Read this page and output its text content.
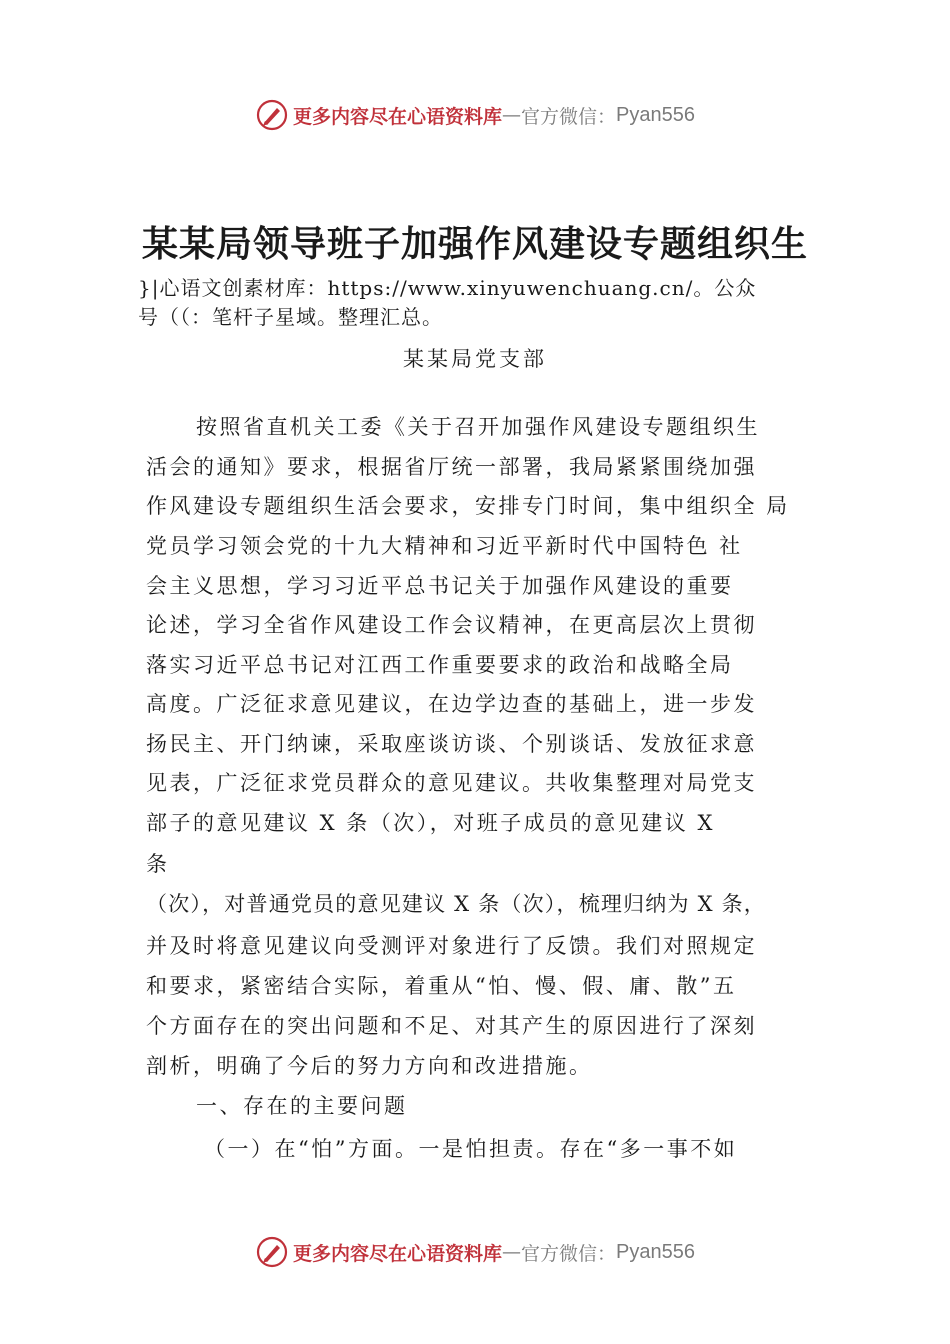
更多内容尽在心语资料库 — 官方微信： Pyan556
某某局领导班子加强作风建设专题组织生
}|心语文创素材库：https://www.xinyuwenchuang.cn/。公众
号（（：笔杆子星域。整理汇总。
某某局党支部
按照省直机关工委《关于召开加强作风建设专题组织生
活会的通知》要求，根据省厅统一部署，我局紧紧围绕加强
作风建设专题组织生活会要求，安排专门时间，集中组织全 局
党员学习领会党的十九大精神和习近平新时代中国特色 社
会主义思想，学习习近平总书记关于加强作风建设的重要
论述，学习全省作风建设工作会议精神，在更高层次上贯彻
落实习近平总书记对江西工作重要要求的政治和战略全局
高度。广泛征求意见建议，在边学边查的基础上，进一步发
扬民主、开门纳谏，采取座谈访谈、个别谈话、发放征求意
见表，广泛征求党员群众的意见建议。共收集整理对局党支
部子的意见建议 X 条（次），对班子成员的意见建议 X
条
（次），对普通党员的意见建议 X 条（次），梳理归纳为 X 条，
并及时将意见建议向受测评对象进行了反馈。我们对照规定
和要求，紧密结合实际，着重从“怕、慢、假、庸、散”五
个方面存在的突出问题和不足、对其产生的原因进行了深刻
剖析，明确了今后的努力方向和改进措施。
一、存在的主要问题
（一）在“怕”方面。一是怕担责。存在“多一事不如
更多内容尽在心语资料库 — 官方微信： Pyan556
